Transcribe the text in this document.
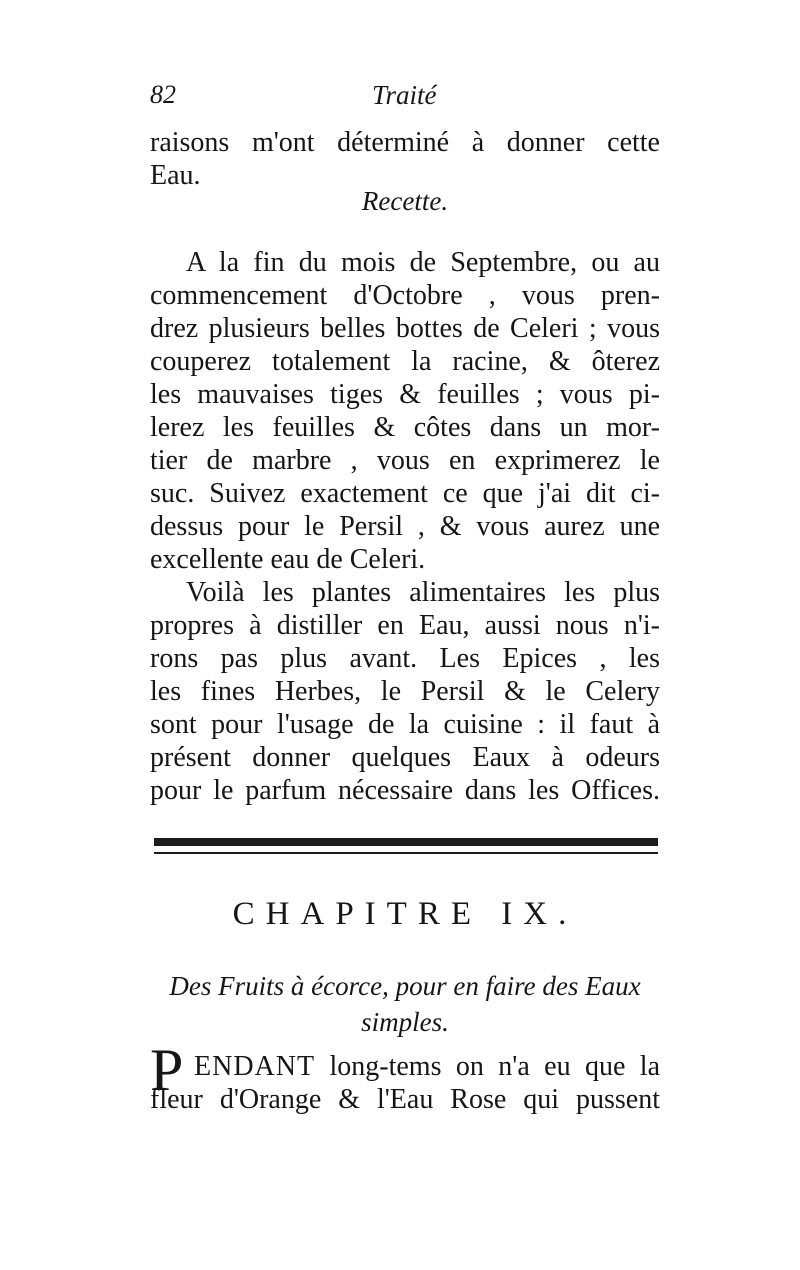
82	Traité
raisons m'ont déterminé à donner cette
Eau.
Recette.
A la fin du mois de Septembre, ou au
commencement d'Octobre , vous pren-
drez plusieurs belles bottes de Celeri ; vous
couperez totalement la racine, & ôterez
les mauvaises tiges & feuilles ; vous pi-
lerez les feuilles & côtes dans un mor-
tier de marbre , vous en exprimerez le
suc. Suivez exactement ce que j'ai dit ci-
dessus pour le Persil , & vous aurez une
excellente eau de Celeri.
Voilà les plantes alimentaires les plus
propres à distiller en Eau, aussi nous n'i-
rons pas plus avant. Les Epices , les
les fines Herbes, le Persil & le Celery
sont pour l'usage de la cuisine : il faut à
présent donner quelques Eaux à odeurs
pour le parfum nécessaire dans les Offices.
CHAPITRE IX.
Des Fruits à écorce, pour en faire des Eaux
simples.
P ENDANT long-tems on n'a eu que la
fleur d'Orange & l'Eau Rose qui pussent
